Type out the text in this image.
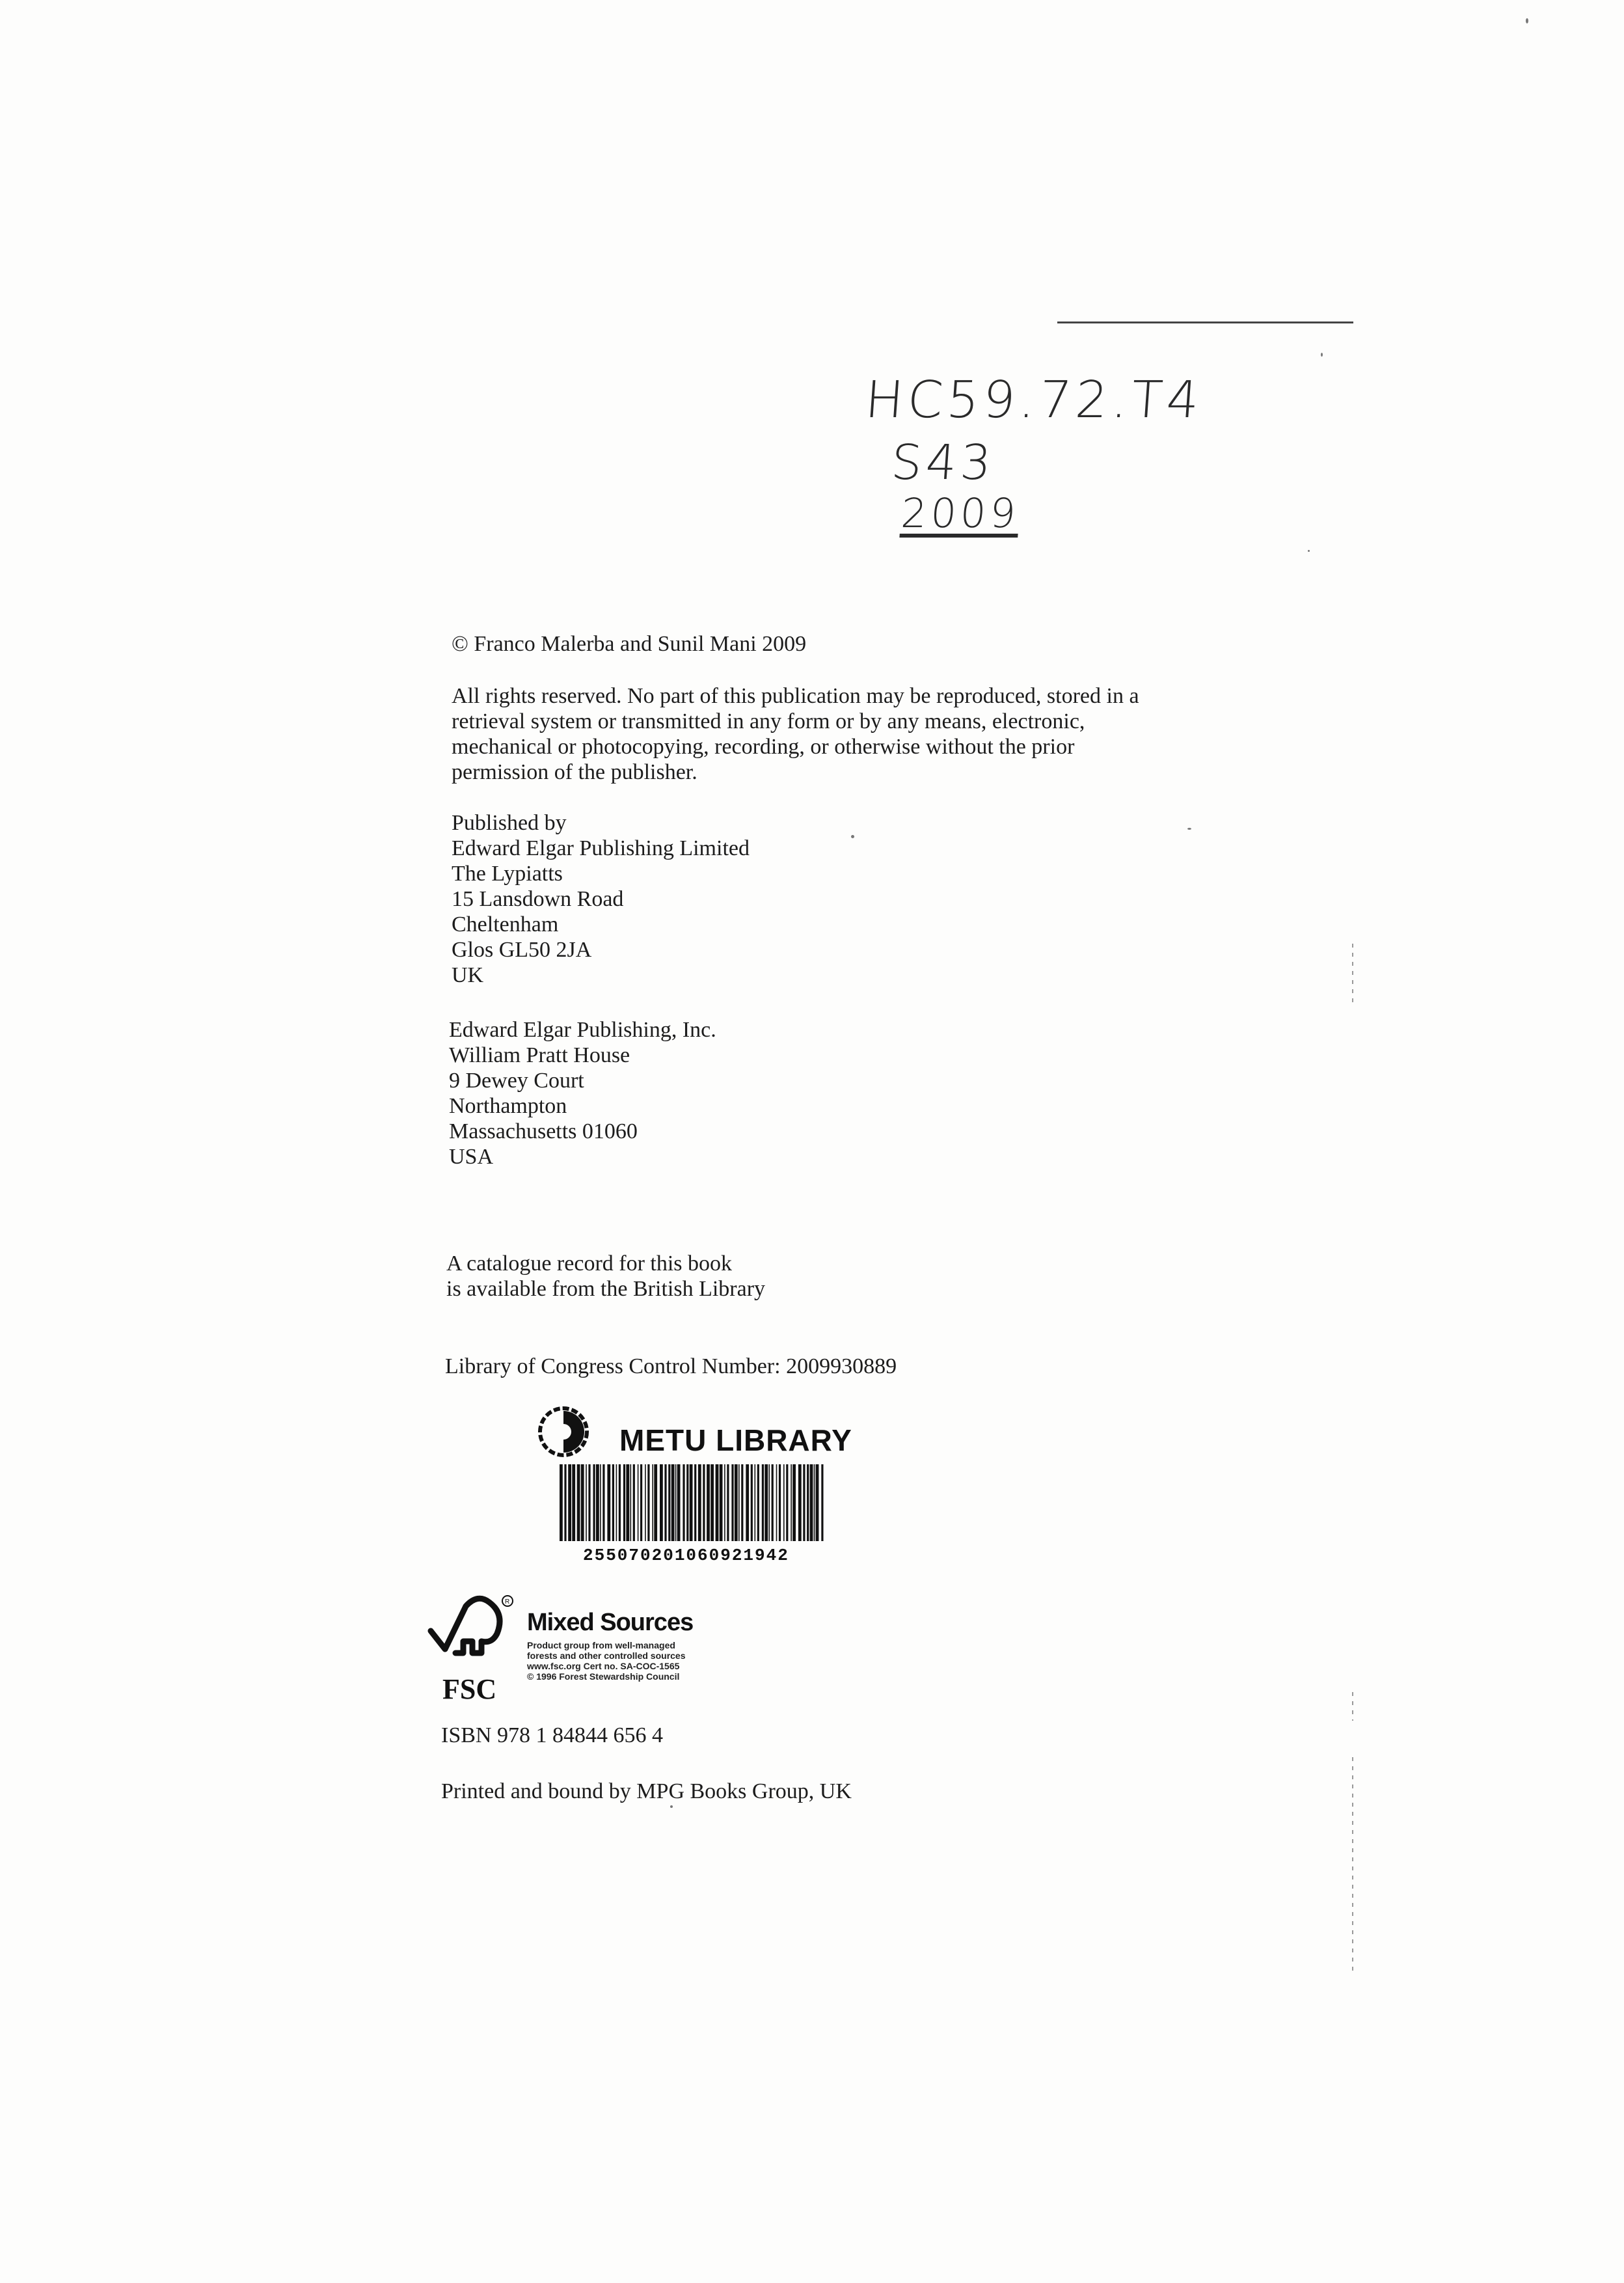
HC59.72.T4
S43
2009
© Franco Malerba and Sunil Mani 2009
All rights reserved. No part of this publication may be reproduced, stored in a
retrieval system or transmitted in any form or by any means, electronic,
mechanical or photocopying, recording, or otherwise without the prior
permission of the publisher.
Published by
Edward Elgar Publishing Limited
The Lypiatts
15 Lansdown Road
Cheltenham
Glos GL50 2JA
UK
Edward Elgar Publishing, Inc.
William Pratt House
9 Dewey Court
Northampton
Massachusetts 01060
USA
A catalogue record for this book
is available from the British Library
Library of Congress Control Number: 2009930889
METU LIBRARY
255070201060921942
R
FSC
Mixed Sources
Product group from well-managed
forests and other controlled sources
www.fsc.org Cert no. SA-COC-1565
© 1996 Forest Stewardship Council
ISBN 978 1 84844 656 4
Printed and bound by MPG Books Group, UK
